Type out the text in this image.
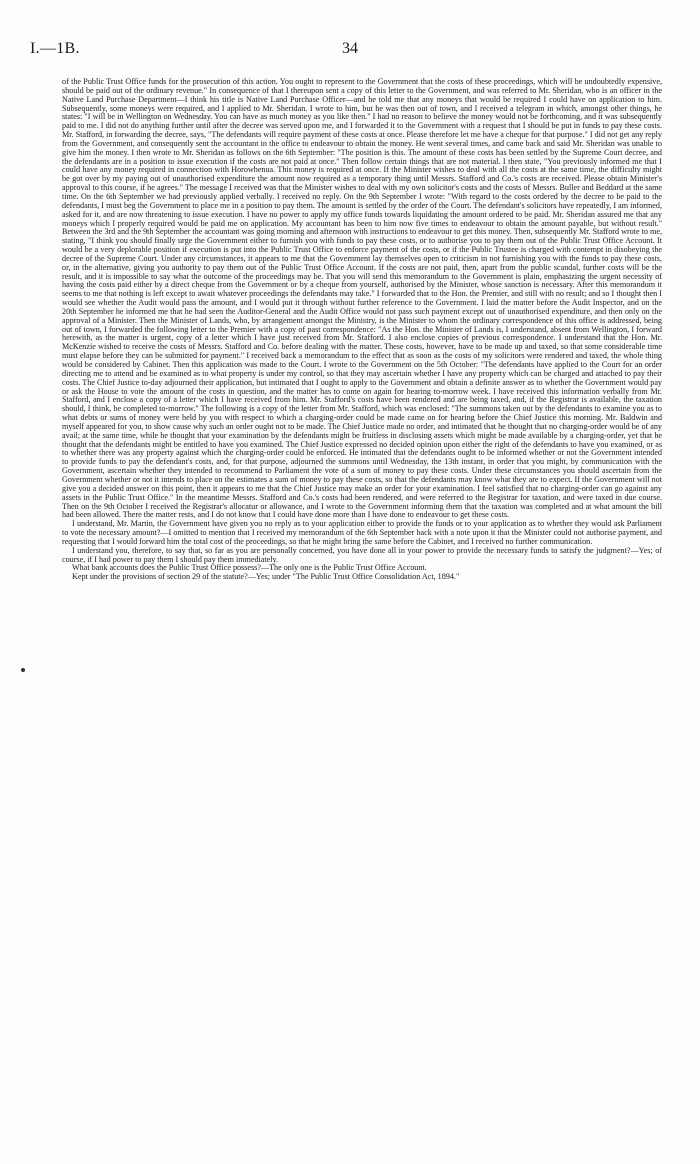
I.—1B.	34

of the Public Trust Office funds for the prosecution of this action. You ought to represent to the Government that the costs of these proceedings, which will be undoubtedly expensive, should be paid out of the ordinary revenue." In consequence of that I thereupon sent a copy of this letter to the Government, and was referred to Mr. Sheridan, who is an officer in the Native Land Purchase Department—I think his title is Native Land Purchase Officer—and he told me that any moneys that would be required I could have on application to him. Subsequently, some moneys were required, and I applied to Mr. Sheridan. I wrote to him, but he was then out of town, and I received a telegram in which, amongst other things, he states: "I will be in Wellington on Wednesday. You can have as much money as you like then." I had no reason to believe the money would not be forthcoming, and it was subsequently paid to me. I did not do anything further until after the decree was served upon me, and I forwarded it to the Government with a request that I should be put in funds to pay these costs. Mr. Stafford, in forwarding the decree, says, "The defendants will require payment of these costs at once. Please therefore let me have a cheque for that purpose." I did not get any reply from the Government, and consequently sent the accountant in the office to endeavour to obtain the money. He went several times, and came back and said Mr. Sheridan was unable to give him the money. I then wrote to Mr. Sheridan as follows on the 6th September: "The position is this. The amount of these costs has been settled by the Supreme Court decree, and the defendants are in a position to issue execution if the costs are not paid at once." Then follow certain things that are not material. I then state, "You previously informed me that I could have any money required in connection with Horowhenua. This money is required at once. If the Minister wishes to deal with all the costs at the same time, the difficulty might be got over by my paying out of unauthorised expenditure the amount now required as a temporary thing until Messrs. Stafford and Co.'s costs are received. Please obtain Minister's approval to this course, if he agrees." The message I received was that the Minister wishes to deal with my own solicitor's costs and the costs of Messrs. Buller and Beddard at the same time. On the 6th September we had previously applied verbally. I received no reply. On the 9th September I wrote: "With regard to the costs ordered by the decree to be paid to the defendants, I must beg the Government to place me in a position to pay them. The amount is settled by the order of the Court. The defendant's solicitors have repeatedly, I am informed, asked for it, and are now threatening to issue execution. I have no power to apply my office funds towards liquidating the amount ordered to be paid. Mr. Sheridan assured me that any moneys which I properly required would be paid me on application. My accountant has been to him now five times to endeavour to obtain the amount payable, but without result." Between the 3rd and the 9th September the accountant was going morning and afternoon with instructions to endeavour to get this money. Then, subsequently Mr. Stafford wrote to me, stating, "I think you should finally urge the Government either to furnish you with funds to pay these costs, or to authorise you to pay them out of the Public Trust Office Account. It would be a very deplorable position if execution is put into the Public Trust Office to enforce payment of the costs, or if the Public Trustee is charged with contempt in disobeying the decree of the Supreme Court. Under any circumstances, it appears to me that the Government lay themselves open to criticism in not furnishing you with the funds to pay these costs, or, in the alternative, giving you authority to pay them out of the Public Trust Office Account. If the costs are not paid, then, apart from the public scandal, further costs will be the result, and it is impossible to say what the outcome of the proceedings may be. That you will send this memorandum to the Government is plain, emphasizing the urgent necessity of having the costs paid either by a direct cheque from the Government or by a cheque from yourself, authorised by the Minister, whose sanction is necessary. After this memorandum it seems to me that nothing is left except to await whatever proceedings the defendants may take." I forwarded that to the Hon. the Premier, and still with no result; and so I thought then I would see whether the Audit would pass the amount, and I would put it through without further reference to the Government. I laid the matter before the Audit Inspector, and on the 20th September he informed me that he had seen the Auditor-General and the Audit Office would not pass such payment except out of unauthorised expenditure, and then only on the approval of a Minister. Then the Minister of Lands, who, by arrangement amongst the Ministry, is the Minister to whom the ordinary correspondence of this office is addressed, being out of town, I forwarded the following letter to the Premier with a copy of past correspondence: "As the Hon. the Minister of Lands is, I understand, absent from Wellington, I forward herewith, as the matter is urgent, copy of a letter which I have just received from Mr. Stafford. I also enclose copies of previous correspondence. I understand that the Hon. Mr. McKenzie wished to receive the costs of Messrs. Stafford and Co. before dealing with the matter. These costs, however, have to be made up and taxed, so that some considerable time must elapse before they can be submitted for payment." I received back a memorandum to the effect that as soon as the costs of my solicitors were rendered and taxed, the whole thing would be considered by Cabinet. Then this application was made to the Court. I wrote to the Government on the 5th October: "The defendants have applied to the Court for an order directing me to attend and be examined as to what property is under my control, so that they may ascertain whether I have any property which can be charged and attached to pay their costs. The Chief Justice to-day adjourned their application, but intimated that I ought to apply to the Government and obtain a definite answer as to whether the Government would pay or ask the House to vote the amount of the costs in question, and the matter has to come on again for hearing to-morrow week. I have received this information verbally from Mr. Stafford, and I enclose a copy of a letter which I have received from him. Mr. Stafford's costs have been rendered and are being taxed, and, if the Registrar is available, the taxation should, I think, be completed to-morrow." The following is a copy of the letter from Mr. Stafford, which was enclosed: "The summons taken out by the defendants to examine you as to what debts or sums of money were held by you with respect to which a charging-order could be made came on for hearing before the Chief Justice this morning. Mr. Baldwin and myself appeared for you, to show cause why such an order ought not to be made. The Chief Justice made no order, and intimated that he thought that no charging-order would be of any avail; at the same time, while he thought that your examination by the defendants might be fruitless in disclosing assets which might be made available by a charging-order, yet that he thought that the defendants might be entitled to have you examined. The Chief Justice expressed no decided opinion upon either the right of the defendants to have you examined, or as to whether there was any property against which the charging-order could be enforced. He intimated that the defendants ought to be informed whether or not the Government intended to provide funds to pay the defendant's costs, and, for that purpose, adjourned the summons until Wednesday, the 13th instant, in order that you might, by communication with the Government, ascertain whether they intended to recommend to Parliament the vote of a sum of money to pay these costs. Under these circumstances you should ascertain from the Government whether or not it intends to place on the estimates a sum of money to pay these costs, so that the defendants may know what they are to expect. If the Government will not give you a decided answer on this point, then it appears to me that the Chief Justice may make an order for your examination. I feel satisfied that no charging-order can go against any assets in the Public Trust Office." In the meantime Messrs. Stafford and Co.'s costs had been rendered, and were referred to the Registrar for taxation, and were taxed in due course. Then on the 9th October I received the Registrar's allocatur or allowance, and I wrote to the Government informing them that the taxation was completed and at what amount the bill had been allowed. There the matter rests, and I do not know that I could have done more than I have done to endeavour to get these costs.

I understand, Mr. Martin, the Government have given you no reply as to your application either to provide the funds or to your application as to whether they would ask Parliament to vote the necessary amount?—I omitted to mention that I received my memorandum of the 6th September back with a note upon it that the Minister could not authorise payment, and requesting that I would forward him the total cost of the proceedings, so that he might bring the same before the Cabinet, and I received no further communication.

I understand you, therefore, to say that, so far as you are personally concerned, you have done all in your power to provide the necessary funds to satisfy the judgment?—Yes; of course, if I had power to pay them I should pay them immediately.

What bank accounts does the Public Trust Office possess?—The only one is the Public Trust Office Account.

Kept under the provisions of section 29 of the statute?—Yes; under "The Public Trust Office Consolidation Act, 1894."
